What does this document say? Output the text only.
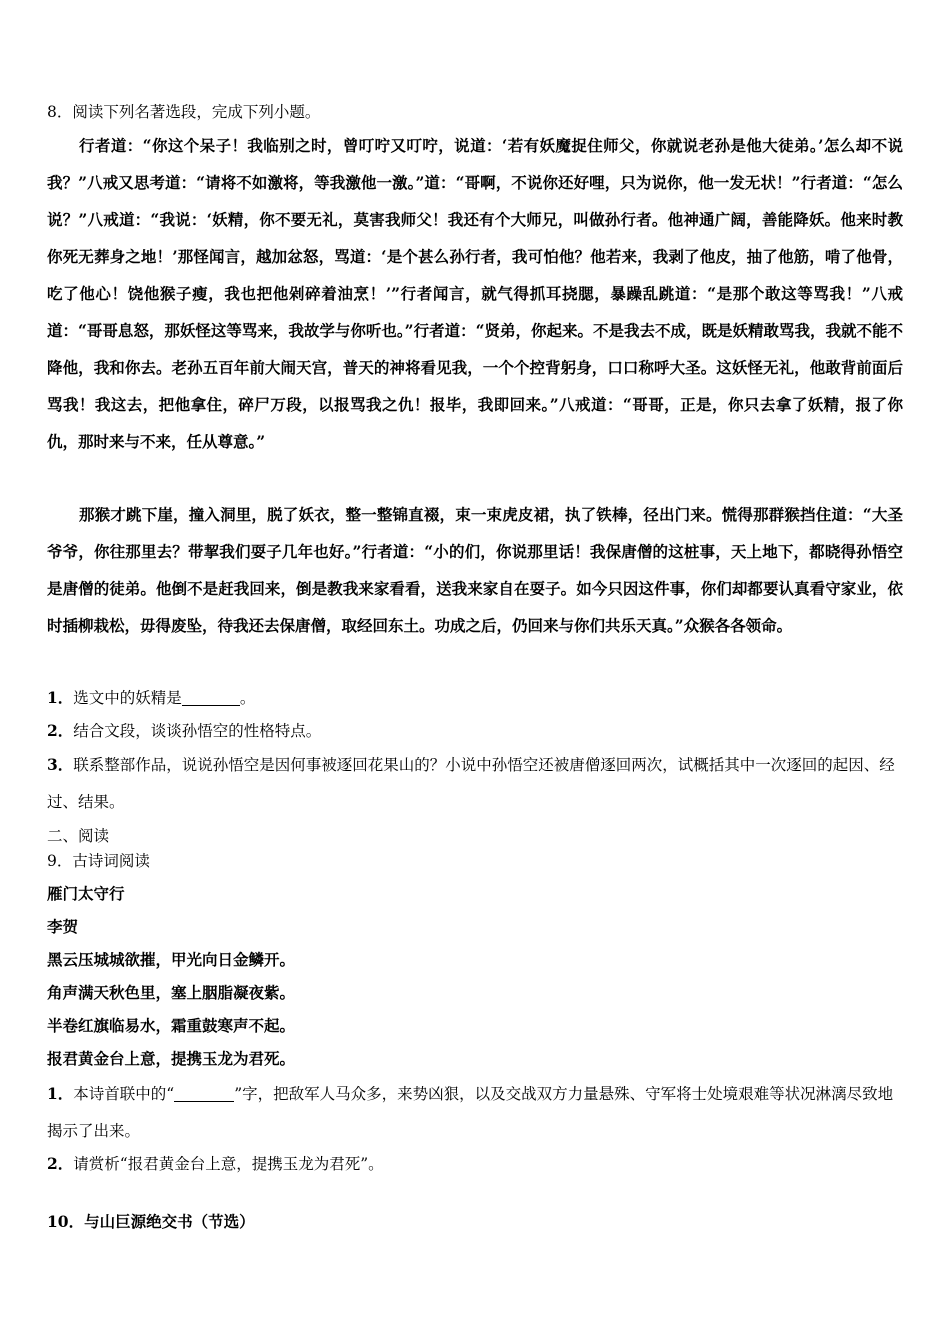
8．阅读下列名著选段，完成下列小题。

行者道：“你这个呆子！我临别之时，曾叮咛又叮咛，说道：‘若有妖魔捉住师父，你就说老孙是他大徒弟。’怎么却不说我？”八戒又思考道：“请将不如激将，等我激他一激。”道：“哥啊，不说你还好哩，只为说你，他一发无状！”行者道：“怎么说？”八戒道：“我说：‘妖精，你不要无礼，莫害我师父！我还有个大师兄，叫做孙行者。他神通广阔，善能降妖。他来时教你死无葬身之地！’那怪闻言，越加忿怒，骂道：‘是个甚么孙行者，我可怕他？他若来，我剥了他皮，抽了他筋，啃了他骨，吃了他心！饶他猴子瘦，我也把他剁碎着油烹！’”行者闻言，就气得抓耳挠腮，暴躁乱跳道：“是那个敢这等骂我！”八戒道：“哥哥息怒，那妖怪这等骂来，我故学与你听也。”行者道：“贤弟，你起来。不是我去不成，既是妖精敢骂我，我就不能不降他，我和你去。老孙五百年前大闹天宫，普天的神将看见我，一个个控背躬身，口口称呼大圣。这妖怪无礼，他敢背前面后骂我！我这去，把他拿住，碎尸万段，以报骂我之仇！报毕，我即回来。”八戒道：“哥哥，正是，你只去拿了妖精，报了你仇，那时来与不来，任从尊意。”

那猴才跳下崖，撞入洞里，脱了妖衣，整一整锦直裰，束一束虎皮裙，执了铁棒，径出门来。慌得那群猴挡住道：“大圣爷爷，你往那里去？带挈我们耍子几年也好。”行者道：“小的们，你说那里话！我保唐僧的这桩事，天上地下，都晓得孙悟空是唐僧的徒弟。他倒不是赶我回来，倒是教我来家看看，送我来家自在耍子。如今只因这件事，你们却都要认真看守家业，依时插柳栽松，毋得废坠，待我还去保唐僧，取经回东土。功成之后，仍回来与你们共乐天真。”众猴各各领命。

1．选文中的妖精是	。

2．结合文段，谈谈孙悟空的性格特点。

3．联系整部作品，说说孙悟空是因何事被逐回花果山的？小说中孙悟空还被唐僧逐回两次，试概括其中一次逐回的起因、经过、结果。

二、阅读

9．古诗词阅读

雁门太守行

李贺

黑云压城城欲摧，甲光向日金鳞开。

角声满天秋色里，塞上胭脂凝夜紫。

半卷红旗临易水，霜重鼓寒声不起。

报君黄金台上意，提携玉龙为君死。

1．本诗首联中的“	”字，把敌军人马众多，来势凶狠，以及交战双方力量悬殊、守军将士处境艰难等状况淋漓尽致地揭示了出来。

2．请赏析“报君黄金台上意，提携玉龙为君死”。

10．与山巨源绝交书（节选）
